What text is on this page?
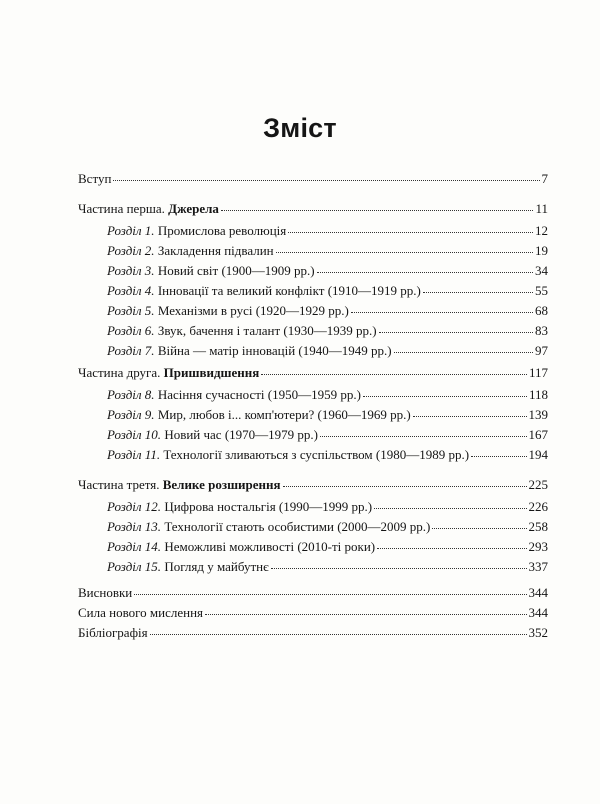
Зміст
Вступ	7
Частина перша. Джерела	11
Розділ 1. Промислова революція	12
Розділ 2. Закладення підвалин	19
Розділ 3. Новий світ (1900—1909 рр.)	34
Розділ 4. Інновації та великий конфлікт (1910—1919 рр.)	55
Розділ 5. Механізми в русі (1920—1929 рр.)	68
Розділ 6. Звук, бачення і талант (1930—1939 рр.)	83
Розділ 7. Війна — матір інновацій (1940—1949 рр.)	97
Частина друга. Пришвидшення	117
Розділ 8. Насіння сучасності (1950—1959 рр.)	118
Розділ 9. Мир, любов і... комп'ютери? (1960—1969 рр.)	139
Розділ 10. Новий час (1970—1979 рр.)	167
Розділ 11. Технології зливаються з суспільством (1980—1989 рр.)	194
Частина третя. Велике розширення	225
Розділ 12. Цифрова ностальгія (1990—1999 рр.)	226
Розділ 13. Технології стають особистими (2000—2009 рр.)	258
Розділ 14. Неможливі можливості (2010-ті роки)	293
Розділ 15. Погляд у майбутнє	337
Висновки	344
Сила нового мислення	344
Бібліографія	352
